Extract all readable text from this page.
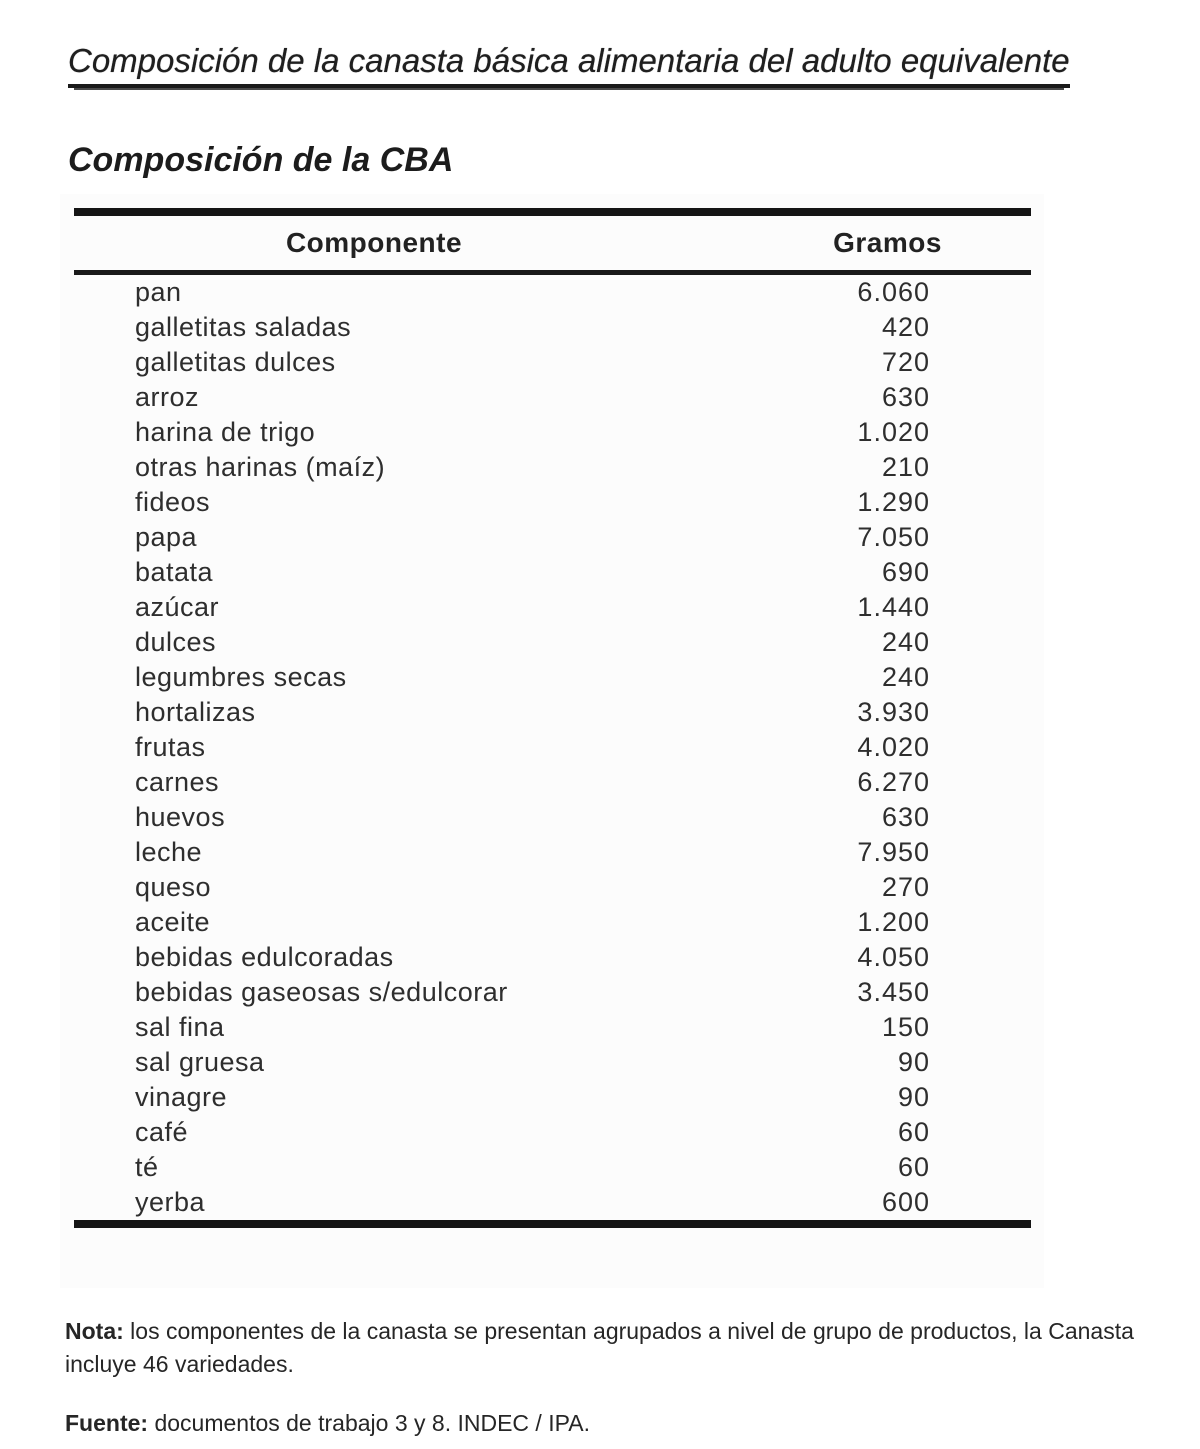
Composición de la canasta básica alimentaria del adulto equivalente
Composición de la CBA
Componente	Gramos
pan	6.060
galletitas saladas	420
galletitas dulces	720
arroz	630
harina de trigo	1.020
otras harinas (maíz)	210
fideos	1.290
papa	7.050
batata	690
azúcar	1.440
dulces	240
legumbres secas	240
hortalizas	3.930
frutas	4.020
carnes	6.270
huevos	630
leche	7.950
queso	270
aceite	1.200
bebidas edulcoradas	4.050
bebidas gaseosas s/edulcorar	3.450
sal fina	150
sal gruesa	90
vinagre	90
café	60
té	60
yerba	600

Nota: los componentes de la canasta se presentan agrupados a nivel de grupo de productos, la Canasta incluye 46 variedades.

Fuente: documentos de trabajo 3 y 8. INDEC / IPA.
